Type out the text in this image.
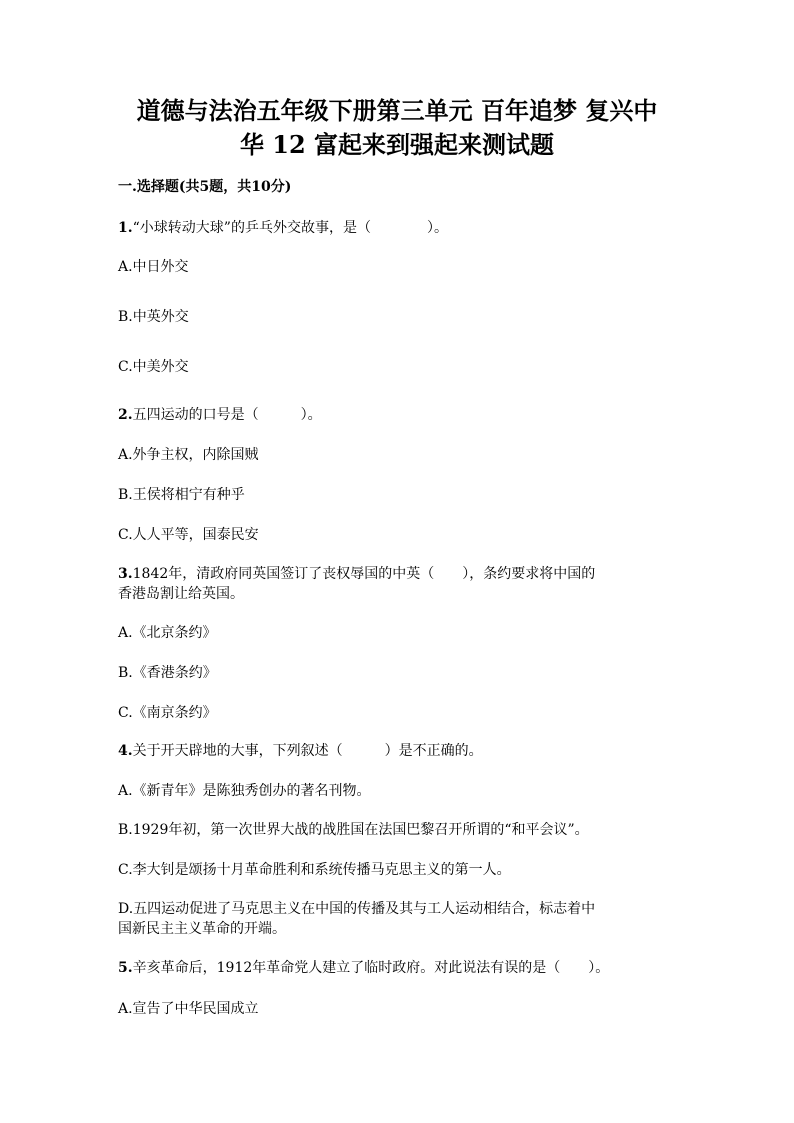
道德与法治五年级下册第三单元 百年追梦 复兴中
华 12 富起来到强起来测试题
一.选择题(共5题，共10分)
1.“小球转动大球”的乒乓外交故事，是（　　　　）。
A.中日外交
B.中英外交
C.中美外交
2.五四运动的口号是（　　　）。
A.外争主权，内除国贼
B.王侯将相宁有种乎
C.人人平等，国泰民安
3.1842年，清政府同英国签订了丧权辱国的中英（　　），条约要求将中国的
香港岛割让给英国。
A.《北京条约》
B.《香港条约》
C.《南京条约》
4.关于开天辟地的大事，下列叙述（　　　）是不正确的。
A.《新青年》是陈独秀创办的著名刊物。
B.1929年初，第一次世界大战的战胜国在法国巴黎召开所谓的“和平会议”。
C.李大钊是颂扬十月革命胜利和系统传播马克思主义的第一人。
D.五四运动促进了马克思主义在中国的传播及其与工人运动相结合，标志着中
国新民主主义革命的开端。
5.辛亥革命后，1912年革命党人建立了临时政府。对此说法有误的是（　　）。
A.宣告了中华民国成立
